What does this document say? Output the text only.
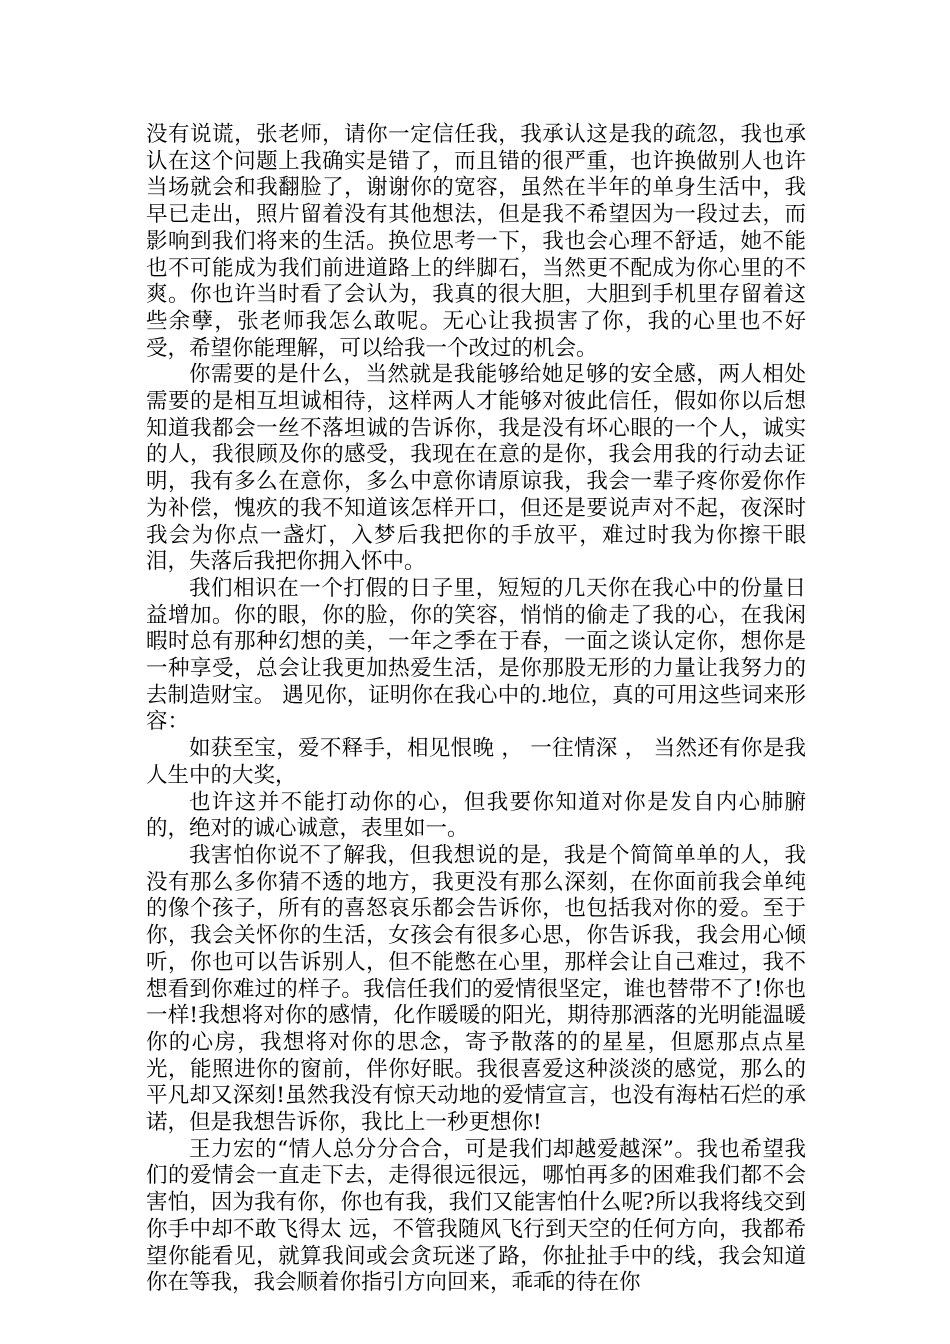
没有说谎，张老师，请你一定信任我，我承认这是我的疏忽，我也承认在这个问题上我确实是错了，而且错的很严重，也许换做别人也许当场就会和我翻脸了，谢谢你的宽容，虽然在半年的单身生活中，我早已走出，照片留着没有其他想法，但是我不希望因为一段过去，而影响到我们将来的生活。换位思考一下，我也会心理不舒适，她不能也不可能成为我们前进道路上的绊脚石，当然更不配成为你心里的不爽。你也许当时看了会认为，我真的很大胆，大胆到手机里存留着这些余孽，张老师我怎么敢呢。无心让我损害了你，我的心里也不好受，希望你能理解，可以给我一个改过的机会。

你需要的是什么，当然就是我能够给她足够的安全感，两人相处需要的是相互坦诚相待，这样两人才能够对彼此信任，假如你以后想知道我都会一丝不落坦诚的告诉你，我是没有坏心眼的一个人，诚实的人，我很顾及你的感受，我现在在意的是你，我会用我的行动去证明，我有多么在意你，多么中意你请原谅我，我会一辈子疼你爱你作为补偿，愧疚的我不知道该怎样开口，但还是要说声对不起，夜深时我会为你点一盏灯，入梦后我把你的手放平，难过时我为你擦干眼泪，失落后我把你拥入怀中。

我们相识在一个打假的日子里，短短的几天你在我心中的份量日益增加。你的眼，你的脸，你的笑容，悄悄的偷走了我的心，在我闲暇时总有那种幻想的美，一年之季在于春，一面之谈认定你，想你是一种享受，总会让我更加热爱生活，是你那股无形的力量让我努力的去制造财宝。 遇见你，证明你在我心中的.地位，真的可用这些词来形容：

如获至宝，爱不释手，相见恨晚 ， 一往情深 ， 当然还有你是我人生中的大奖，

也许这并不能打动你的心，但我要你知道对你是发自内心肺腑的，绝对的诚心诚意，表里如一。

我害怕你说不了解我，但我想说的是，我是个简简单单的人，我没有那么多你猜不透的地方，我更没有那么深刻，在你面前我会单纯的像个孩子，所有的喜怒哀乐都会告诉你，也包括我对你的爱。至于你，我会关怀你的生活，女孩会有很多心思，你告诉我，我会用心倾听，你也可以告诉别人，但不能憋在心里，那样会让自己难过，我不想看到你难过的样子。我信任我们的爱情很坚定，谁也替带不了!你也一样!我想将对你的感情，化作暖暖的阳光，期待那洒落的光明能温暖你的心房，我想将对你的思念，寄予散落的的星星，但愿那点点星光，能照进你的窗前，伴你好眠。我很喜爱这种淡淡的感觉，那么的平凡却又深刻!虽然我没有惊天动地的爱情宣言，也没有海枯石烂的承诺，但是我想告诉你，我比上一秒更想你!

王力宏的“情人总分分合合，可是我们却越爱越深”。我也希望我们的爱情会一直走下去，走得很远很远，哪怕再多的困难我们都不会害怕，因为我有你，你也有我，我们又能害怕什么呢?所以我将线交到你手中却不敢飞得太 远，不管我随风飞行到天空的任何方向，我都希望你能看见，就算我间或会贪玩迷了路，你扯扯手中的线，我会知道你在等我，我会顺着你指引方向回来，乖乖的待在你
